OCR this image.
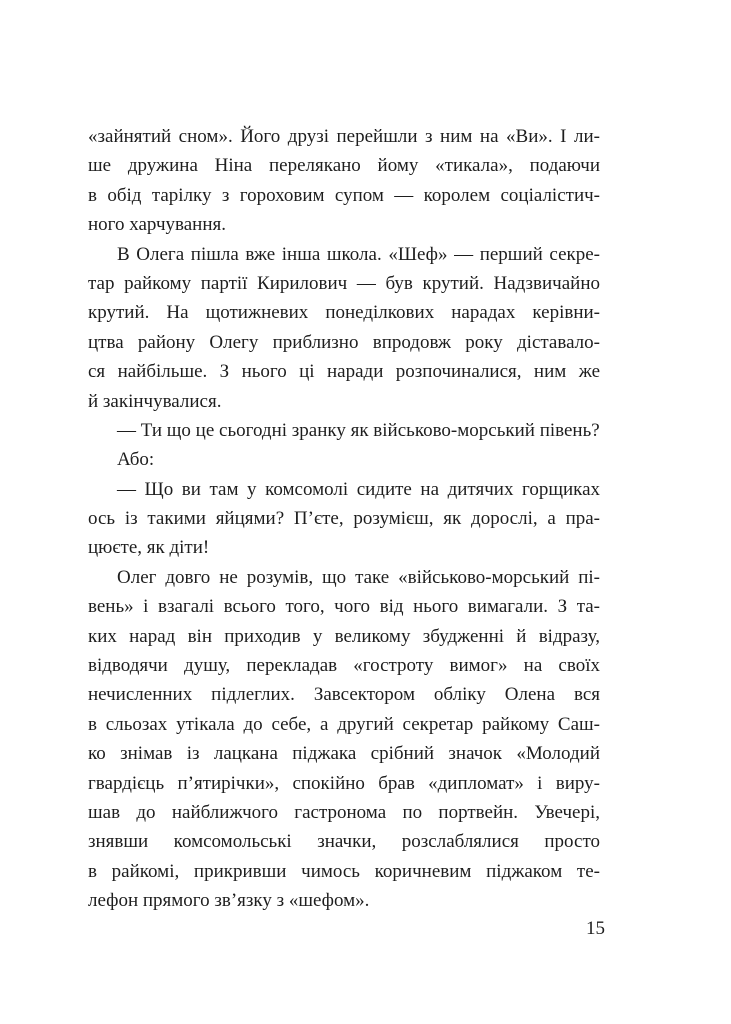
«зайнятий сном». Його друзі перейшли з ним на «Ви». І ли-
ше дружина Ніна перелякано йому «тикала», подаючи
в обід тарілку з гороховим супом — королем соціалістич-
ного харчування.
В Олега пішла вже інша школа. «Шеф» — перший секре-
тар райкому партії Кирилович — був крутий. Надзвичайно
крутий. На щотижневих понеділкових нарадах керівни-
цтва району Олегу приблизно впродовж року діставало-
ся найбільше. З нього ці наради розпочиналися, ним же
й закінчувалися.
— Ти що це сьогодні зранку як військово-морський півень?
Або:
— Що ви там у комсомолі сидите на дитячих горщиках
ось із такими яйцями? П’єте, розумієш, як дорослі, а пра-
цюєте, як діти!
Олег довго не розумів, що таке «військово-морський пі-
вень» і взагалі всього того, чого від нього вимагали. З та-
ких нарад він приходив у великому збудженні й відразу,
відводячи душу, перекладав «гостроту вимог» на своїх
нечисленних підлеглих. Завсектором обліку Олена вся
в сльозах утікала до себе, а другий секретар райкому Саш-
ко знімав із лацкана піджака срібний значок «Молодий
гвардієць п’ятирічки», спокійно брав «дипломат» і виру-
шав до найближчого гастронома по портвейн. Увечері,
знявши комсомольські значки, розслаблялися просто
в райкомі, прикривши чимось коричневим піджаком те-
лефон прямого зв’язку з «шефом».
15
